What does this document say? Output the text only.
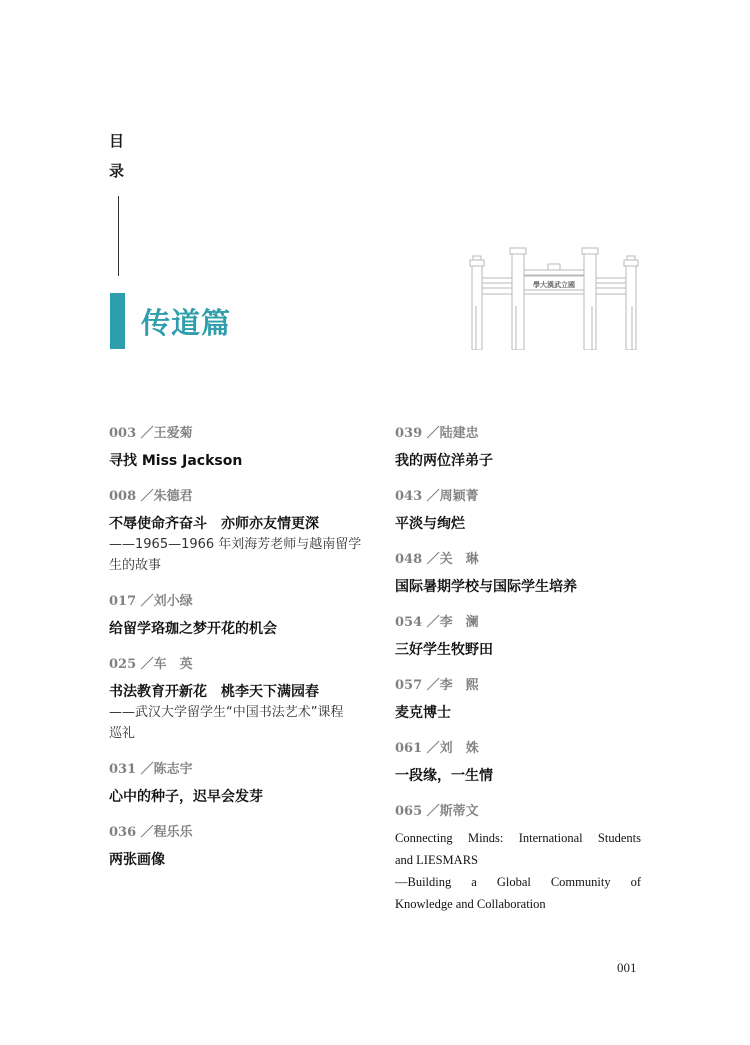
目
录
传道篇
學大漢武立國
003 ／王爱菊
寻找 Miss Jackson
008 ／朱德君
不辱使命齐奋斗　亦师亦友情更深
——1965—1966 年刘海芳老师与越南留学
生的故事
017 ／刘小绿
给留学珞珈之梦开花的机会
025 ／车　英
书法教育开新花　桃李天下满园春
——武汉大学留学生“中国书法艺术”课程
巡礼
031 ／陈志宇
心中的种子，迟早会发芽
036 ／程乐乐
两张画像
039 ／陆建忠
我的两位洋弟子
043 ／周颖菁
平淡与绚烂
048 ／关　琳
国际暑期学校与国际学生培养
054 ／李　澜
三好学生牧野田
057 ／李　熙
麦克博士
061 ／刘　姝
一段缘，一生情
065 ／斯蒂文
Connecting Minds: International Students
and LIESMARS
—Building a Global Community of
Knowledge and Collaboration
001
